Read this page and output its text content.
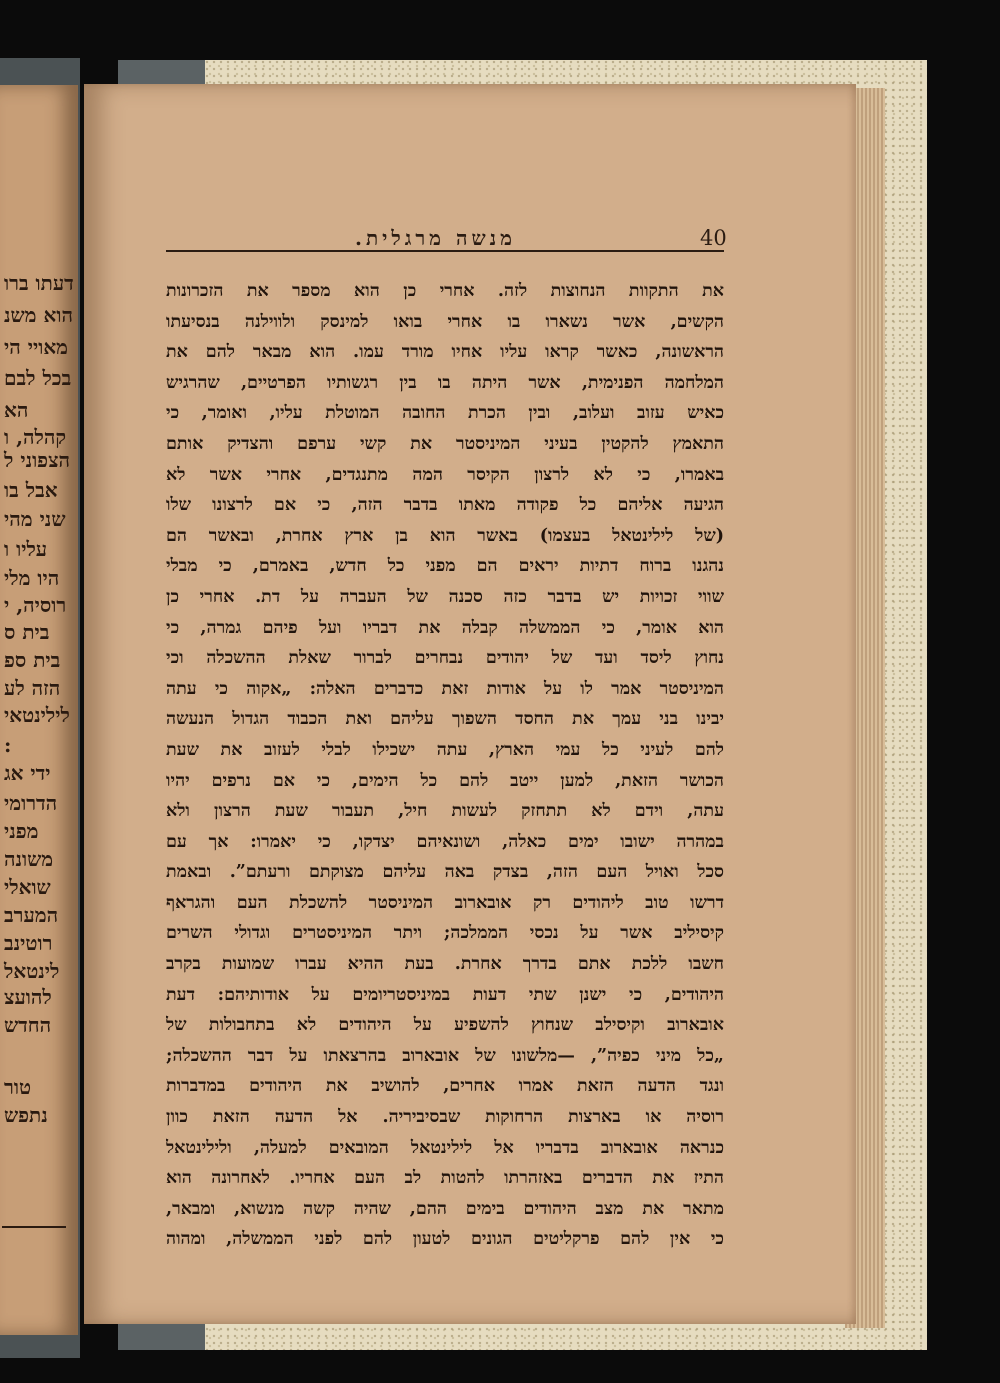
דעתו ברו
הוא משנ
מאויי הי
בכל לבם
הא
קהלה, ו
הצפוני ל
אבל בו
שני מהי
עליו ו
היו מלי
רוסיה, י
בית ס
בית ספ
הזה לע
לילינטאי
:
ידי אג
הדרומי
מפני
משונה
שואלי
המערב
רוטינב
לינטאל
להועצ
החדש
טור
נתפש
מנשה מרגלית.	40
את התקוות הנחוצות לזה. אחרי כן הוא מספר את הזכרונות
הקשים, אשר נשארו בו אחרי בואו למינסק ולווילנה בנסיעתו
הראשונה, כאשר קראו עליו אחיו מורד עמו. הוא מבאר להם את
המלחמה הפנימית, אשר היתה בו בין רגשותיו הפרטיים, שהרגיש
כאיש עזוב ועלוב, ובין הכרת החובה המוטלת עליו, ואומר, כי
התאמץ להקטין בעיני המיניסטר את קשי ערפם והצדיק אותם
באמרו, כי לא לרצון הקיסר המה מתנגדים, אחרי אשר לא
הגיעה אליהם כל פקודה מאתו בדבר הזה, כי אם לרצונו שלו
(של לילינטאל בעצמו) באשר הוא בן ארץ אחרת, ובאשר הם
נהגנו ברוח דתיות יראים הם מפני כל חדש, באמרם, כי מבלי
שווי זכויות יש בדבר כזה סכנה של העברה על דת. אחרי כן
הוא אומר, כי הממשלה קבלה את דבריו ועל פיהם גמרה, כי
נחוץ ליסד ועד של יהודים נבחרים לברור שאלת ההשכלה וכי
המיניסטר אמר לו על אודות זאת כדברים האלה: „אקוה כי עתה
יבינו בני עמך את החסד השפוך עליהם ואת הכבוד הגדול הנעשה
להם לעיני כל עמי הארץ, עתה ישכילו לבלי לעזוב את שעת
הכושר הזאת, למען ייטב להם כל הימים, כי אם נרפים יהיו
עתה, וידם לא תתחזק לעשות חיל, תעבור שעת הרצון ולא
במהרה ישובו ימים כאלה, ושונאיהם יצדקו, כי יאמרו: אך עם
סכל ואויל העם הזה, בצדק באה עליהם מצוקתם ורעתם”. ובאמת
דרשו טוב ליהודים רק אובארוב המיניסטר להשכלת העם והגראף
קיסיליב אשר על נכסי הממלכה; ויתר המיניסטרים וגדולי השרים
חשבו ללכת אתם בדרך אחרת. בעת ההיא עברו שמועות בקרב
היהודים, כי ישנן שתי דעות במיניסטריומים על אודותיהם: דעת
אובארוב וקיסילב שנחוץ להשפיע על היהודים לא בתחבולות של
„כל מיני כפיה”, —מלשונו של אובארוב בהרצאתו על דבר ההשכלה;
ונגד הדעה הזאת אמרו אחרים, להושיב את היהודים במדברות
רוסיה או בארצות הרחוקות שבסיביריה. אל הדעה הזאת כוון
כנראה אובארוב בדבריו אל לילינטאל המובאים למעלה, ולילינטאל
התיז את הדברים באזהרתו להטות לב העם אחריו. לאחרונה הוא
מתאר את מצב היהודים בימים ההם, שהיה קשה מנשוא, ומבאר,
כי אין להם פרקליטים הגונים לטעון להם לפני הממשלה, ומהוה
